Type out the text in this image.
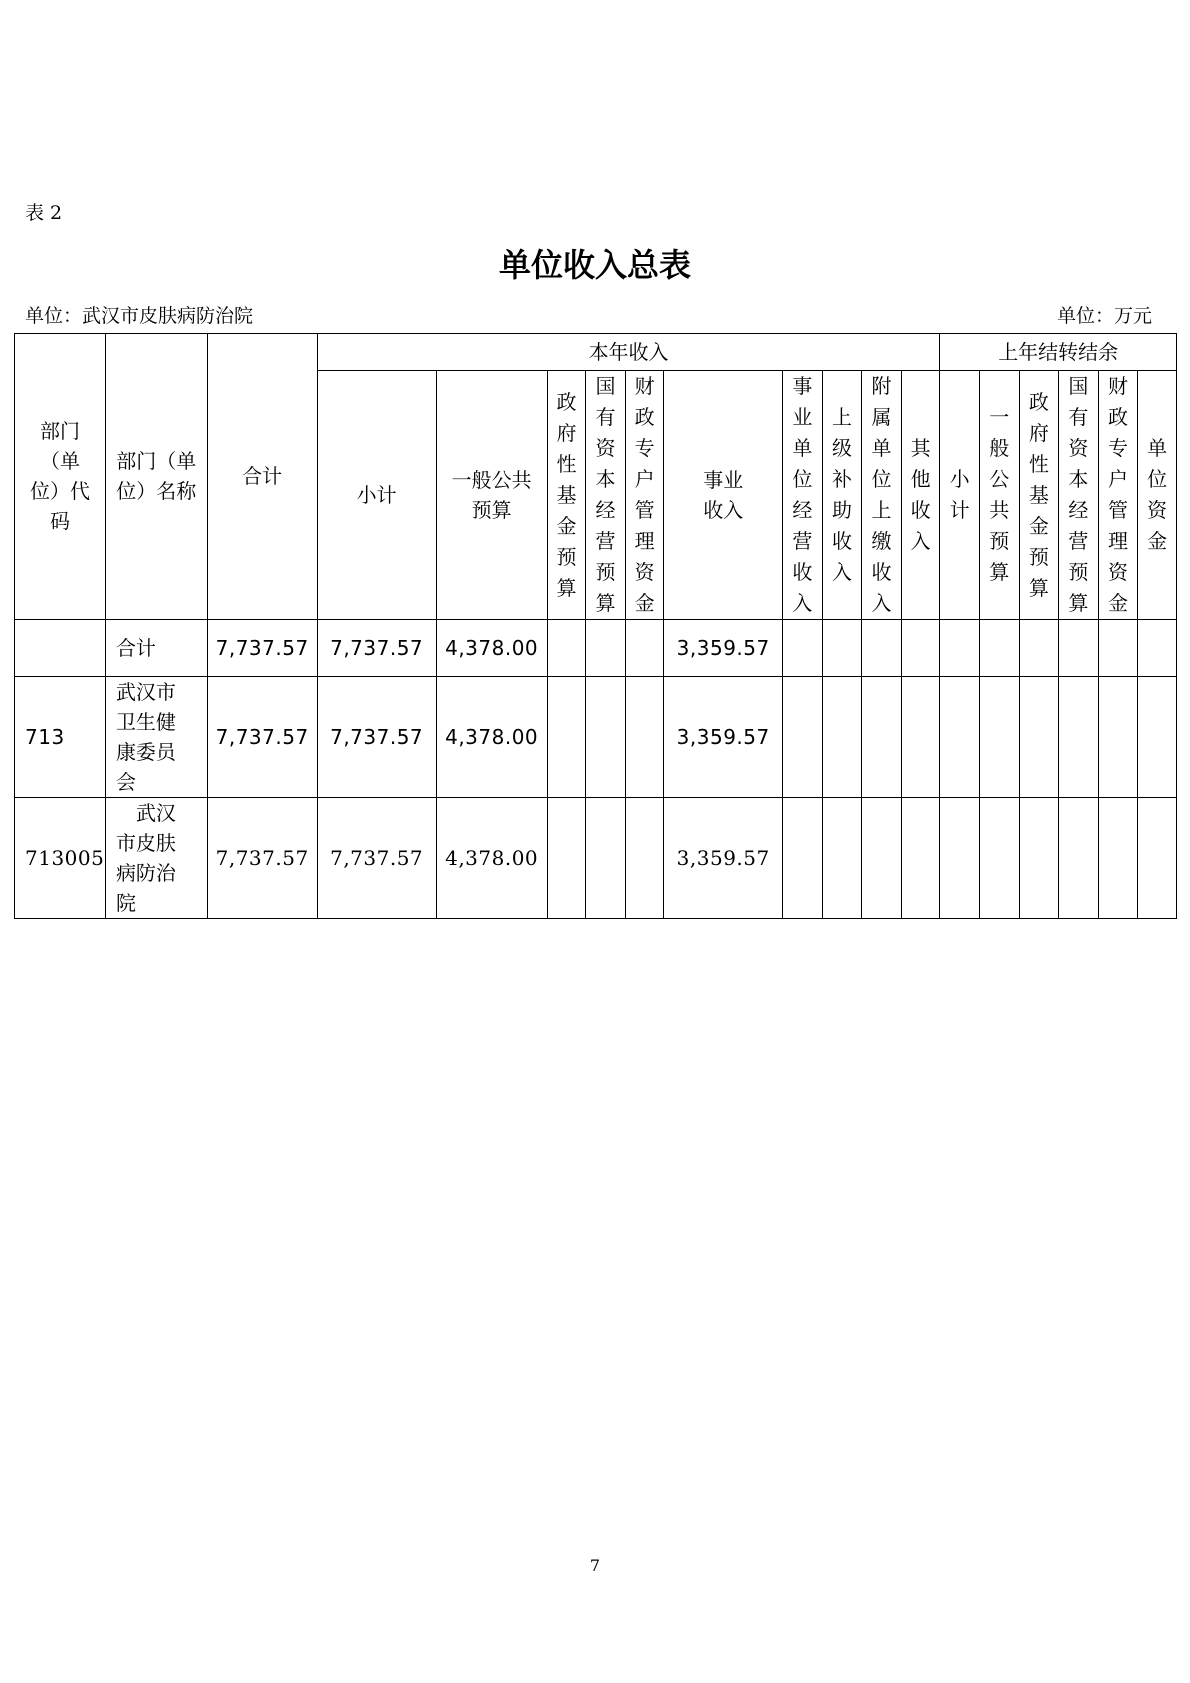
表 2
单位收入总表
单位：武汉市皮肤病防治院	单位：万元
部门（单位）代码	部门（单位）名称	合计	本年收入										上年结转结余					
			小计	一般公共预算	政府性基金预算	国有资本经营预算	财政专户管理资金	事业收入	事业单位经营收入	上级补助收入	附属单位上缴收入	其他收入	小计	一般公共预算	政府性基金预算	国有资本经营预算	财政专户管理资金	单位资金

	合计	7,737.57	7,737.57	4,378.00				3,359.57										
713	武汉市卫生健康委员会	7,737.57	7,737.57	4,378.00				3,359.57										
713005	武汉市皮肤病防治院	7,737.57	7,737.57	4,378.00				3,359.57										
7
